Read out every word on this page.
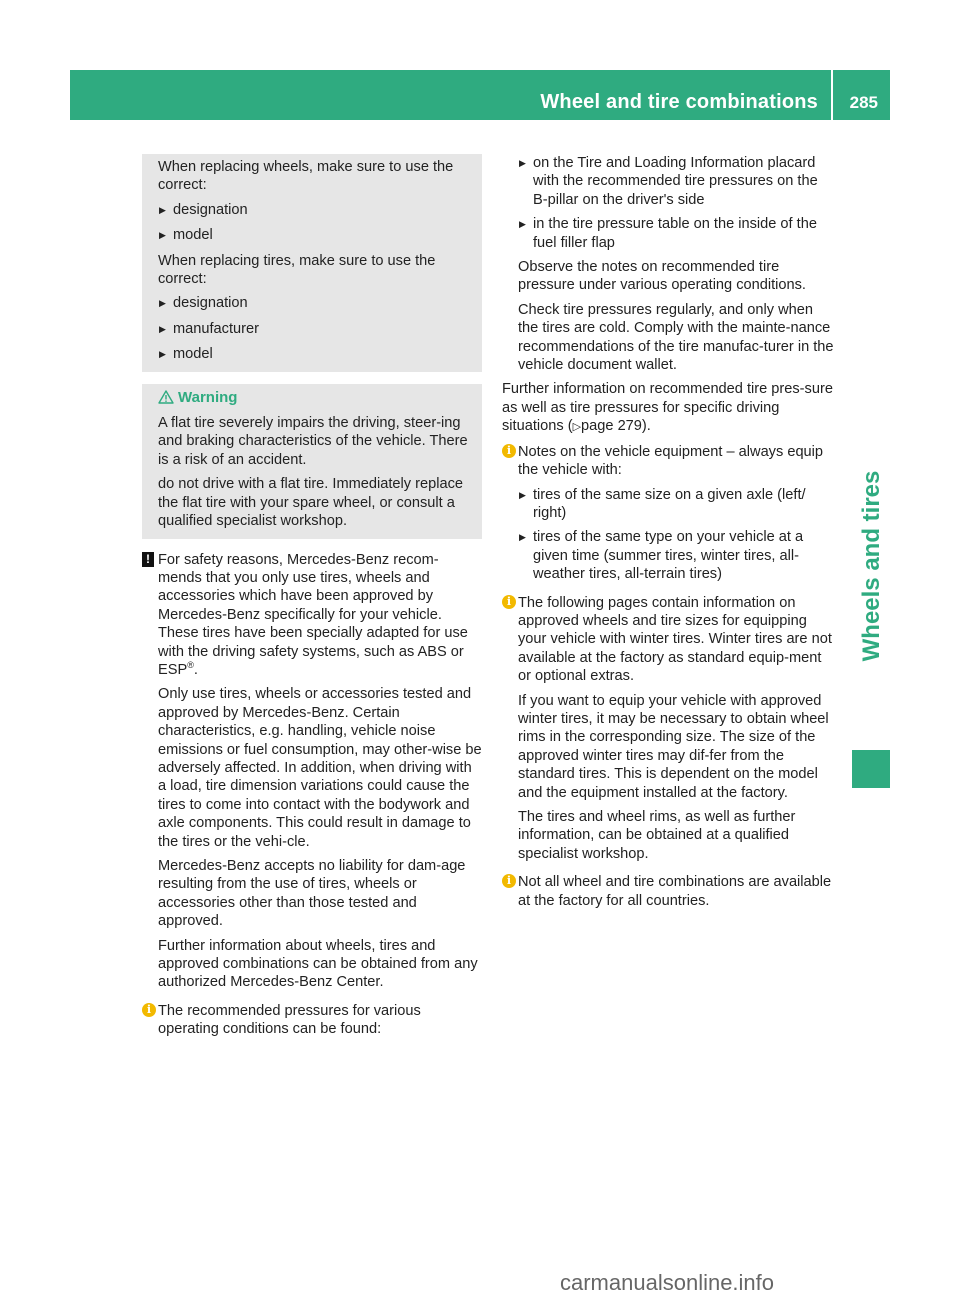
Wheel and tire combinations 285
Wheels and tires

When replacing wheels, make sure to use the correct:

▶ designation
▶ model

When replacing tires, make sure to use the correct:

▶ designation
▶ manufacturer
▶ model
Warning

A flat tire severely impairs the driving, steer-ing and braking characteristics of the vehicle. There is a risk of an accident.

do not drive with a flat tire. Immediately replace the flat tire with your spare wheel, or consult a qualified specialist workshop.

! For safety reasons, Mercedes-Benz recom-mends that you only use tires, wheels and accessories which have been approved by Mercedes-Benz specifically for your vehicle. These tires have been specially adapted for use with the driving safety systems, such as ABS or ESP®.

Only use tires, wheels or accessories tested and approved by Mercedes-Benz. Certain characteristics, e.g. handling, vehicle noise emissions or fuel consumption, may other-wise be adversely affected. In addition, when driving with a load, tire dimension variations could cause the tires to come into contact with the bodywork and axle components. This could result in damage to the tires or the vehi-cle.

Mercedes-Benz accepts no liability for dam-age resulting from the use of tires, wheels or accessories other than those tested and approved.

Further information about wheels, tires and approved combinations can be obtained from any authorized Mercedes-Benz Center.

i The recommended pressures for various operating conditions can be found:

▶ on the Tire and Loading Information placard with the recommended tire pressures on the B-pillar on the driver's side
▶ in the tire pressure table on the inside of the fuel filler flap

Observe the notes on recommended tire pressure under various operating conditions.

Check tire pressures regularly, and only when the tires are cold. Comply with the mainte-nance recommendations of the tire manufac-turer in the vehicle document wallet.

Further information on recommended tire pres-sure as well as tire pressures for specific driving situations (▷page 279).

i Notes on the vehicle equipment – always equip the vehicle with:

▶ tires of the same size on a given axle (left/ right)
▶ tires of the same type on your vehicle at a given time (summer tires, winter tires, all-weather tires, all-terrain tires)
i The following pages contain information on approved wheels and tire sizes for equipping your vehicle with winter tires. Winter tires are not available at the factory as standard equip-ment or optional extras.

If you want to equip your vehicle with approved winter tires, it may be necessary to obtain wheel rims in the corresponding size. The size of the approved winter tires may dif-fer from the standard tires. This is dependent on the model and the equipment installed at the factory.

The tires and wheel rims, as well as further information, can be obtained at a qualified specialist workshop.

i Not all wheel and tire combinations are available at the factory for all countries.

carmanualsonline.info
